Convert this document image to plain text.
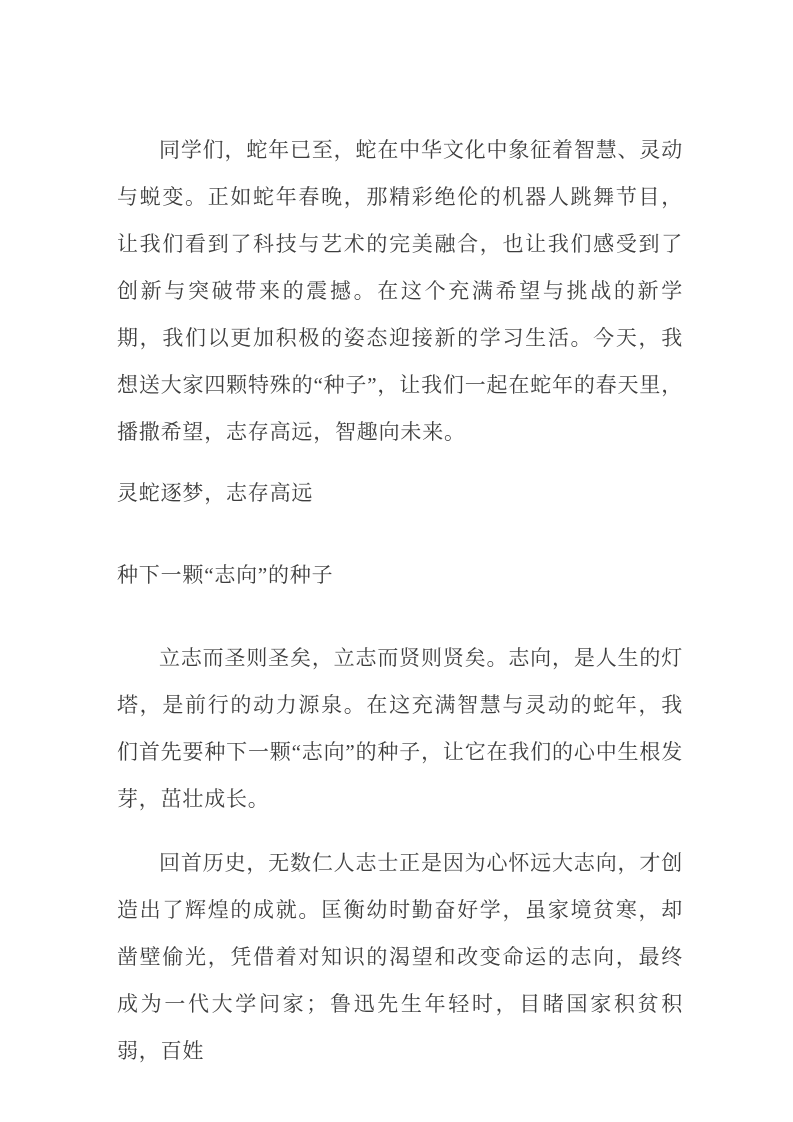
同学们，蛇年已至，蛇在中华文化中象征着智慧、灵动与蜕变。正如蛇年春晚，那精彩绝伦的机器人跳舞节目，让我们看到了科技与艺术的完美融合，也让我们感受到了创新与突破带来的震撼。在这个充满希望与挑战的新学期，我们以更加积极的姿态迎接新的学习生活。今天，我想送大家四颗特殊的“种子”，让我们一起在蛇年的春天里，播撒希望，志存高远，智趣向未来。

灵蛇逐梦，志存高远

种下一颗“志向”的种子

立志而圣则圣矣，立志而贤则贤矣。志向，是人生的灯塔，是前行的动力源泉。在这充满智慧与灵动的蛇年，我们首先要种下一颗“志向”的种子，让它在我们的心中生根发芽，茁壮成长。

回首历史，无数仁人志士正是因为心怀远大志向，才创造出了辉煌的成就。匡衡幼时勤奋好学，虽家境贫寒，却凿壁偷光，凭借着对知识的渴望和改变命运的志向，最终成为一代大学问家；鲁迅先生年轻时，目睹国家积贫积弱，百姓
